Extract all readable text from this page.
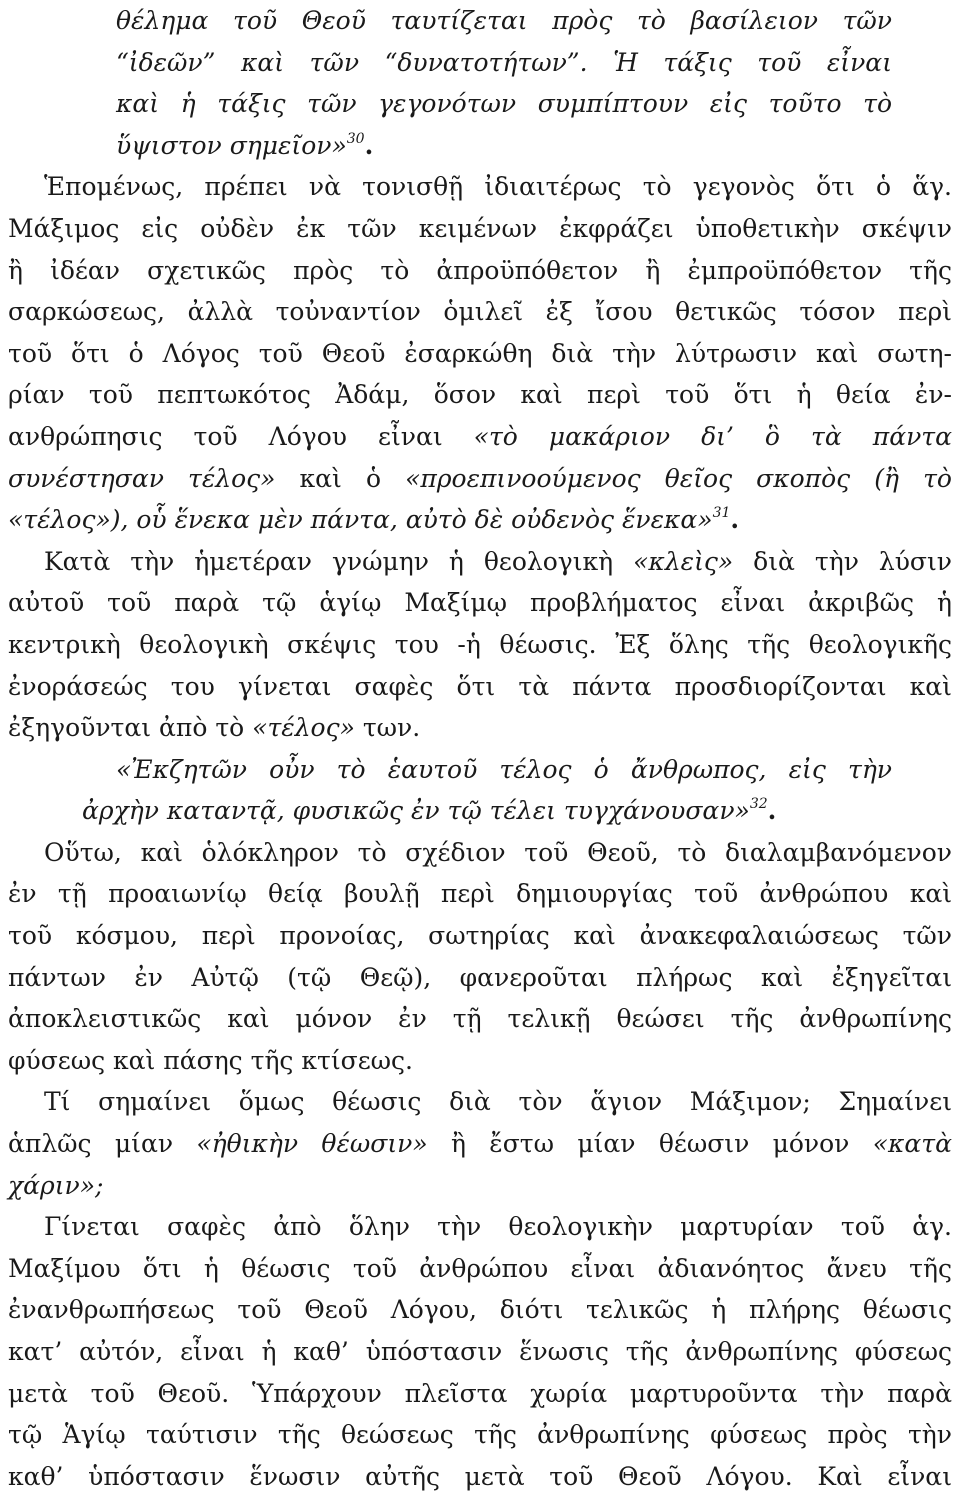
θέλημα τοῦ Θεοῦ ταυτίζεται πρὸς τὸ βασίλειον τῶν
“ἰδεῶν” καὶ τῶν “δυνατοτήτων”. Ἡ τάξις τοῦ εἶναι
καὶ ἡ τάξις τῶν γεγονότων συμπίπτουν εἰς τοῦτο τὸ
ὕψιστον σημεῖον»$^{30}$.
Ἑπομένως, πρέπει νὰ τονισθῇ ἰδιαιτέρως τὸ γεγονὸς ὅτι ὁ ἅγ.
Μάξιμος εἰς οὐδὲν ἐκ τῶν κειμένων ἐκφράζει ὑποθετικὴν σκέψιν
ἢ ἰδέαν σχετικῶς πρὸς τὸ ἀπροϋπόθετον ἢ ἐμπροϋπόθετον τῆς
σαρκώσεως, ἀλλὰ τοὐναντίον ὁμιλεῖ ἐξ ἴσου θετικῶς τόσον περὶ
τοῦ ὅτι ὁ Λόγος τοῦ Θεοῦ ἐσαρκώθη διὰ τὴν λύτρωσιν καὶ σωτη-
ρίαν τοῦ πεπτωκότος Ἀδάμ, ὅσον καὶ περὶ τοῦ ὅτι ἡ θεία ἐν-
ανθρώπησις τοῦ Λόγου εἶναι «τὸ μακάριον δι’ ὃ τὰ πάντα
συνέστησαν τέλος» καὶ ὁ «προεπινοούμενος θεῖος σκοπὸς (ἢ τὸ
«τέλος»), οὗ ἕνεκα μὲν πάντα, αὐτὸ δὲ οὐδενὸς ἕνεκα»$^{31}$.
Κατὰ τὴν ἡμετέραν γνώμην ἡ θεολογικὴ «κλεὶς» διὰ τὴν λύσιν
αὐτοῦ τοῦ παρὰ τῷ ἁγίῳ Μαξίμῳ προβλήματος εἶναι ἀκριβῶς ἡ
κεντρικὴ θεολογικὴ σκέψις του -ἡ θέωσις. Ἐξ ὅλης τῆς θεολογικῆς
ἐνοράσεώς του γίνεται σαφὲς ὅτι τὰ πάντα προσδιορίζονται καὶ
ἐξηγοῦνται ἀπὸ τὸ «τέλος» των.
«Ἐκζητῶν οὖν τὸ ἑαυτοῦ τέλος ὁ ἄνθρωπος, εἰς τὴν
ἀρχὴν καταντᾷ, φυσικῶς ἐν τῷ τέλει τυγχάνουσαν»$^{32}$.
Οὕτω, καὶ ὁλόκληρον τὸ σχέδιον τοῦ Θεοῦ, τὸ διαλαμβανόμενον
ἐν τῇ προαιωνίῳ θείᾳ βουλῇ περὶ δημιουργίας τοῦ ἀνθρώπου καὶ
τοῦ κόσμου, περὶ προνοίας, σωτηρίας καὶ ἀνακεφαλαιώσεως τῶν
πάντων ἐν Αὐτῷ (τῷ Θεῷ), φανεροῦται πλήρως καὶ ἐξηγεῖται
ἀποκλειστικῶς καὶ μόνον ἐν τῇ τελικῇ θεώσει τῆς ἀνθρωπίνης
φύσεως καὶ πάσης τῆς κτίσεως.
Τί σημαίνει ὅμως θέωσις διὰ τὸν ἅγιον Μάξιμον; Σημαίνει
ἁπλῶς μίαν «ἠθικὴν θέωσιν» ἢ ἔστω μίαν θέωσιν μόνον «κατὰ
χάριν»;
Γίνεται σαφὲς ἀπὸ ὅλην τὴν θεολογικὴν μαρτυρίαν τοῦ ἁγ.
Μαξίμου ὅτι ἡ θέωσις τοῦ ἀνθρώπου εἶναι ἀδιανόητος ἄνευ τῆς
ἐνανθρωπήσεως τοῦ Θεοῦ Λόγου, διότι τελικῶς ἡ πλήρης θέωσις
κατ’ αὐτόν, εἶναι ἡ καθ’ ὑπόστασιν ἕνωσις τῆς ἀνθρωπίνης φύσεως
μετὰ τοῦ Θεοῦ. Ὑπάρχουν πλεῖστα χωρία μαρτυροῦντα τὴν παρὰ
τῷ Ἁγίῳ ταύτισιν τῆς θεώσεως τῆς ἀνθρωπίνης φύσεως πρὸς τὴν
καθ’ ὑπόστασιν ἕνωσιν αὐτῆς μετὰ τοῦ Θεοῦ Λόγου. Καὶ εἶναι
